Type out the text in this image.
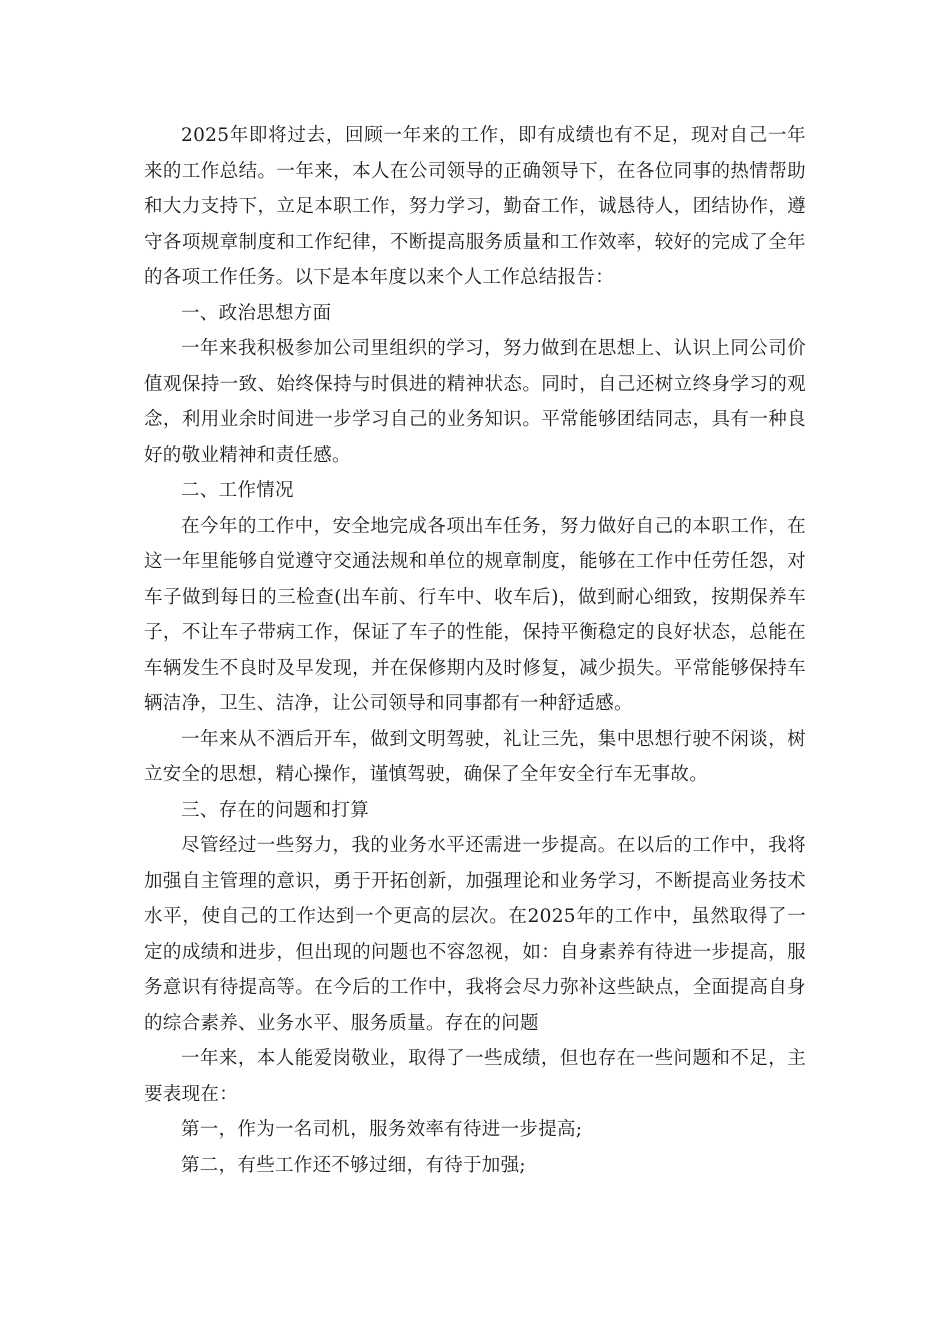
2025年即将过去，回顾一年来的工作，即有成绩也有不足，现对自己一年来的工作总结。一年来，本人在公司领导的正确领导下，在各位同事的热情帮助和大力支持下，立足本职工作，努力学习，勤奋工作，诚恳待人，团结协作，遵守各项规章制度和工作纪律，不断提高服务质量和工作效率，较好的完成了全年的各项工作任务。以下是本年度以来个人工作总结报告：

一、政治思想方面

一年来我积极参加公司里组织的学习，努力做到在思想上、认识上同公司价值观保持一致、始终保持与时俱进的精神状态。同时，自己还树立终身学习的观念，利用业余时间进一步学习自己的业务知识。平常能够团结同志，具有一种良好的敬业精神和责任感。

二、工作情况

在今年的工作中，安全地完成各项出车任务，努力做好自己的本职工作，在这一年里能够自觉遵守交通法规和单位的规章制度，能够在工作中任劳任怨，对车子做到每日的三检查(出车前、行车中、收车后)，做到耐心细致，按期保养车子，不让车子带病工作，保证了车子的性能，保持平衡稳定的良好状态，总能在车辆发生不良时及早发现，并在保修期内及时修复，减少损失。平常能够保持车辆洁净，卫生、洁净，让公司领导和同事都有一种舒适感。

一年来从不酒后开车，做到文明驾驶，礼让三先，集中思想行驶不闲谈，树立安全的思想，精心操作，谨慎驾驶，确保了全年安全行车无事故。

三、存在的问题和打算

尽管经过一些努力，我的业务水平还需进一步提高。在以后的工作中，我将加强自主管理的意识，勇于开拓创新，加强理论和业务学习，不断提高业务技术水平，使自己的工作达到一个更高的层次。在2025年的工作中，虽然取得了一定的成绩和进步，但出现的问题也不容忽视，如：自身素养有待进一步提高，服务意识有待提高等。在今后的工作中，我将会尽力弥补这些缺点，全面提高自身的综合素养、业务水平、服务质量。存在的问题

一年来，本人能爱岗敬业，取得了一些成绩，但也存在一些问题和不足，主要表现在：

第一，作为一名司机，服务效率有待进一步提高;

第二，有些工作还不够过细，有待于加强;
